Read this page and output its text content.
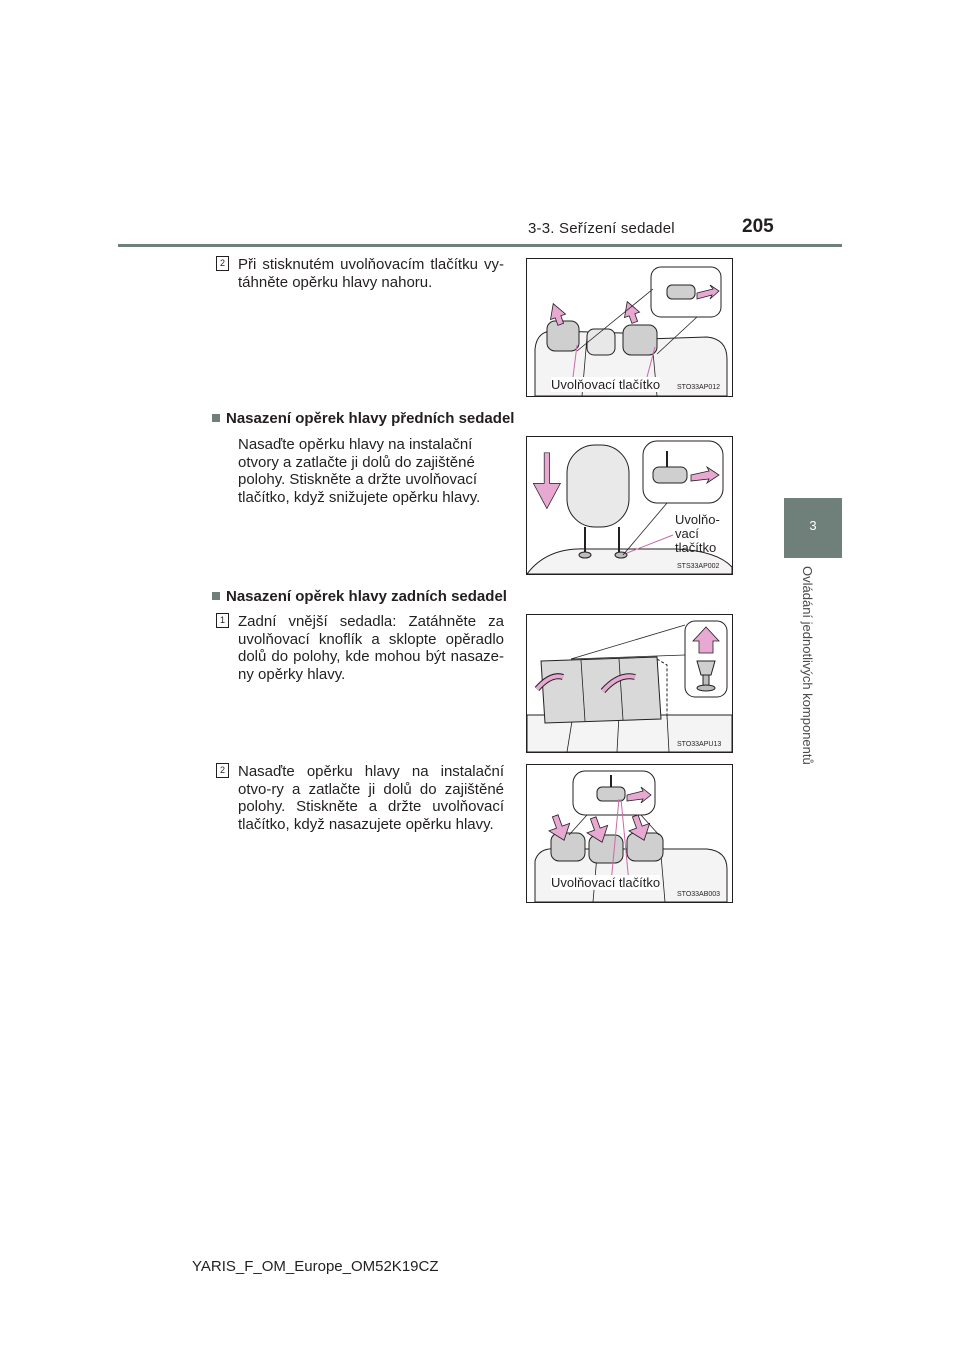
3-3. Seřízení sedadel	205
3
Ovládání jednotlivých komponentů
2 Při stisknutém uvolňovacím tlačítku vy-táhněte opěrku hlavy nahoru.
Uvolňovací tlačítko STO33AP012
Nasazení opěrek hlavy předních sedadel
Nasaďte opěrku hlavy na instalační otvory a zatlačte ji dolů do zajištěné polohy. Stiskněte a držte uvolňovací tlačítko, když snižujete opěrku hlavy.
Uvolňo-
vací
tlačítko
STS33AP002
Nasazení opěrek hlavy zadních sedadel
1 Zadní vnější sedadla: Zatáhněte za uvolňovací knoflík a sklopte opěradlo dolů do polohy, kde mohou být nasaze-ny opěrky hlavy.
STO33APU13
2 Nasaďte opěrku hlavy na instalační otvo-ry a zatlačte ji dolů do zajištěné polohy. Stiskněte a držte uvolňovací tlačítko, když nasazujete opěrku hlavy.
Uvolňovací tlačítko
STO33AB003
YARIS_F_OM_Europe_OM52K19CZ
